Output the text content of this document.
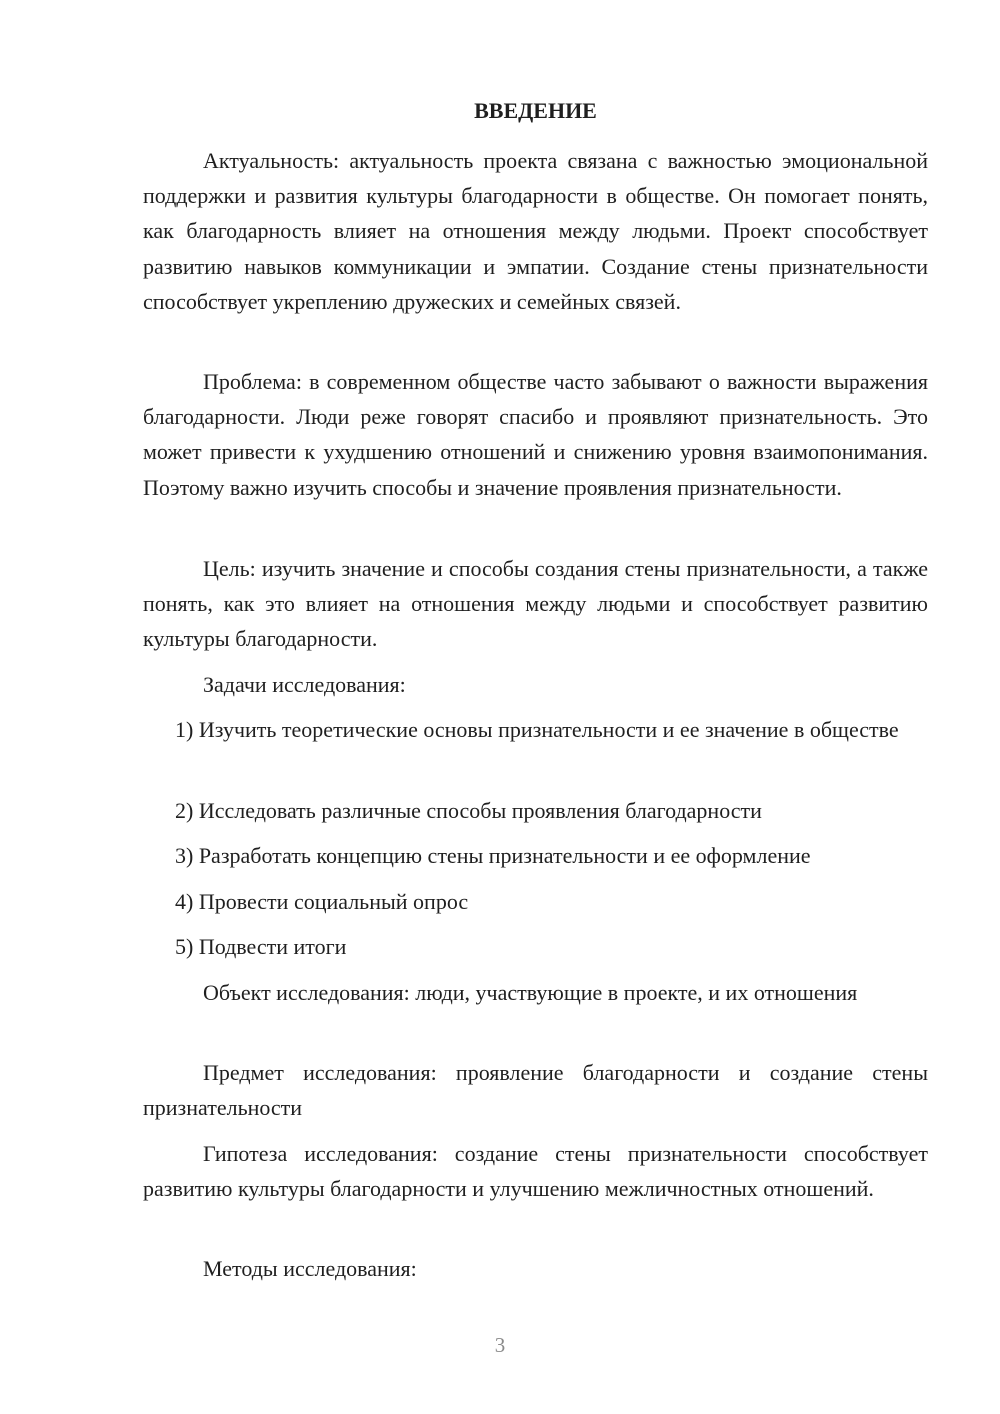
ВВЕДЕНИЕ

Актуальность: актуальность проекта связана с важностью эмоциональной поддержки и развития культуры благодарности в обществе. Он помогает понять, как благодарность влияет на отношения между людьми. Проект способствует развитию навыков коммуникации и эмпатии. Создание стены признательности способствует укреплению дружеских и семейных связей.

Проблема: в современном обществе часто забывают о важности выражения благодарности. Люди реже говорят спасибо и проявляют признательность. Это может привести к ухудшению отношений и снижению уровня взаимопонимания. Поэтому важно изучить способы и значение проявления признательности.

Цель: изучить значение и способы создания стены признательности, а также понять, как это влияет на отношения между людьми и способствует развитию культуры благодарности.

Задачи исследования:

1) Изучить теоретические основы признательности и ее значение в обществе

2) Исследовать различные способы проявления благодарности

3) Разработать концепцию стены признательности и ее оформление

4) Провести социальный опрос

5) Подвести итоги

Объект исследования: люди, участвующие в проекте, и их отношения

Предмет исследования: проявление благодарности и создание стены признательности

Гипотеза исследования: создание стены признательности способствует развитию культуры благодарности и улучшению межличностных отношений.

Методы исследования:

3
